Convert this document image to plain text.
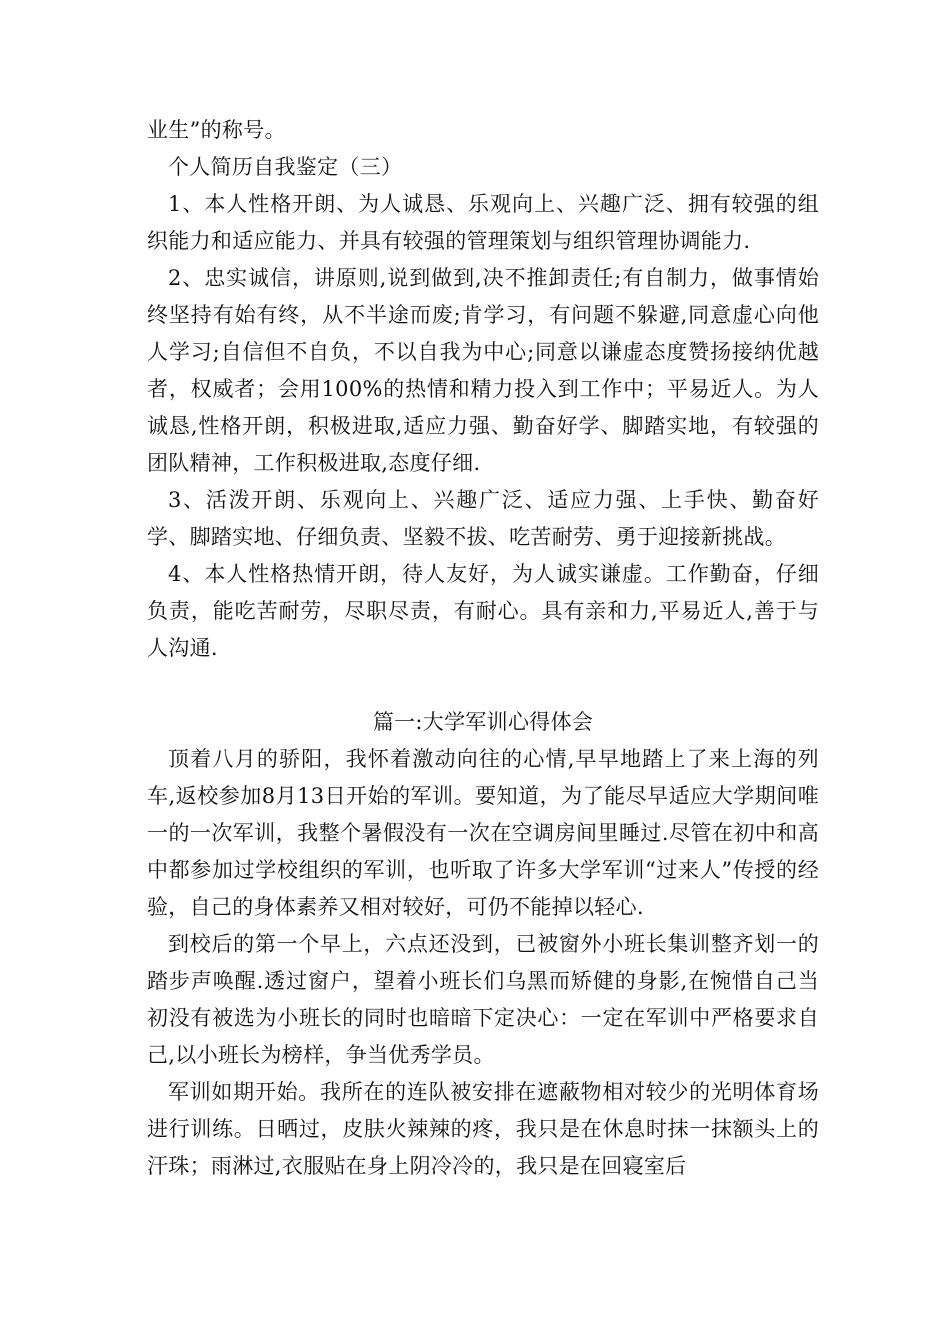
业生”的称号。

个人简历自我鉴定（三）

1、本人性格开朗、为人诚恳、乐观向上、兴趣广泛、拥有较强的组织能力和适应能力、并具有较强的管理策划与组织管理协调能力.

2、忠实诚信，讲原则,说到做到,决不推卸责任;有自制力，做事情始终坚持有始有终，从不半途而废;肯学习，有问题不躲避,同意虚心向他人学习;自信但不自负，不以自我为中心;同意以谦虚态度赞扬接纳优越者，权威者；会用100%的热情和精力投入到工作中；平易近人。为人诚恳,性格开朗，积极进取,适应力强、勤奋好学、脚踏实地，有较强的团队精神，工作积极进取,态度仔细.

3、活泼开朗、乐观向上、兴趣广泛、适应力强、上手快、勤奋好学、脚踏实地、仔细负责、坚毅不拔、吃苦耐劳、勇于迎接新挑战。

4、本人性格热情开朗，待人友好，为人诚实谦虚。工作勤奋，仔细负责，能吃苦耐劳，尽职尽责，有耐心。具有亲和力,平易近人,善于与人沟通.

篇一:大学军训心得体会

顶着八月的骄阳，我怀着激动向往的心情,早早地踏上了来上海的列车,返校参加8月13日开始的军训。要知道，为了能尽早适应大学期间唯一的一次军训，我整个暑假没有一次在空调房间里睡过.尽管在初中和高中都参加过学校组织的军训，也听取了许多大学军训“过来人”传授的经验，自己的身体素养又相对较好，可仍不能掉以轻心.

到校后的第一个早上，六点还没到，已被窗外小班长集训整齐划一的踏步声唤醒.透过窗户，望着小班长们乌黑而矫健的身影,在惋惜自己当初没有被选为小班长的同时也暗暗下定决心：一定在军训中严格要求自己,以小班长为榜样，争当优秀学员。

军训如期开始。我所在的连队被安排在遮蔽物相对较少的光明体育场进行训练。日晒过，皮肤火辣辣的疼，我只是在休息时抹一抹额头上的汗珠；雨淋过,衣服贴在身上阴冷冷的，我只是在回寝室后
